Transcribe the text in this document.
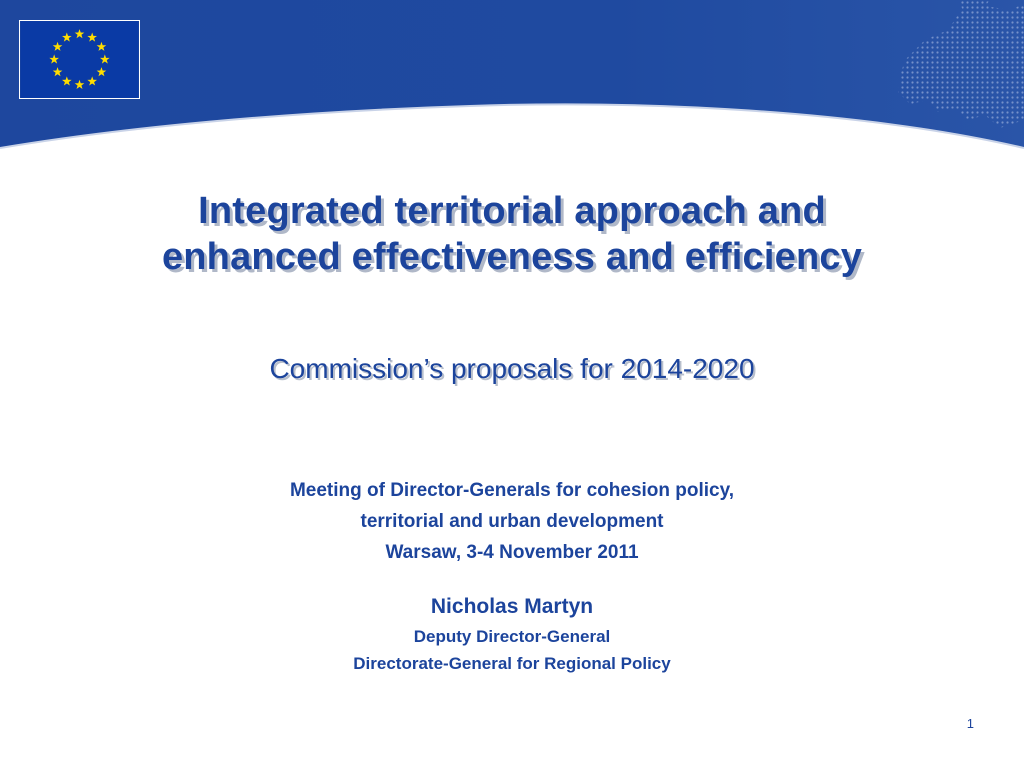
Integrated territorial approach and
enhanced effectiveness and efficiency
Commission’s proposals for 2014-2020
Meeting of Director-Generals for cohesion policy,
territorial and urban development
Warsaw, 3-4 November 2011
Nicholas Martyn
Deputy Director-General
Directorate-General for Regional Policy
1
